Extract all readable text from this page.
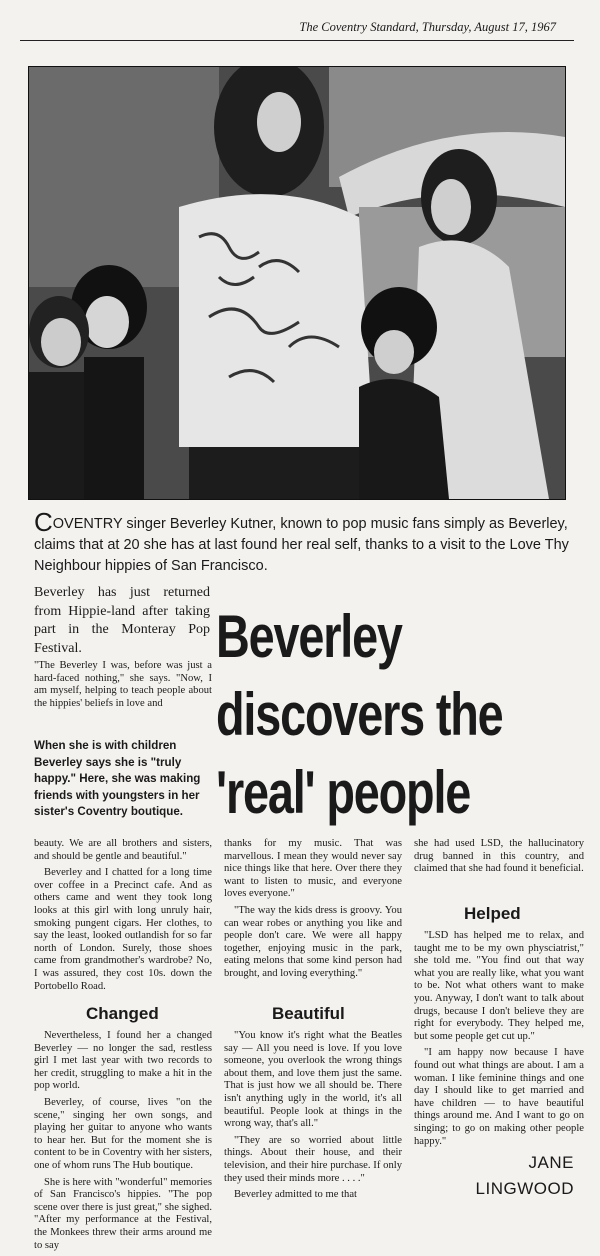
The Coventry Standard, Thursday, August 17, 1967
COVENTRY singer Beverley Kutner, known to pop music fans simply as Beverley, claims that at 20 she has at last found her real self, thanks to a visit to the Love Thy Neighbour hippies of San Francisco.
Beverley has just returned from Hippie-land after taking part in the Monteray Pop Festival.
"The Beverley I was, before was just a hard-faced nothing," she says. "Now, I am myself, helping to teach people about the hippies' beliefs in love and
When she is with children Beverley says she is "truly happy." Here, she was making friends with youngsters in her sister's Coventry boutique.
Beverley
discovers the
'real' people

beauty. We are all brothers and sisters, and should be gentle and beautiful."

Beverley and I chatted for a long time over coffee in a Precinct cafe. And as others came and went they took long looks at this girl with long unruly hair, smoking pungent cigars. Her clothes, to say the least, looked outlandish for so far north of London. Surely, those shoes came from grandmother's wardrobe? No, I was assured, they cost 10s. down the Portobello Road.

Changed

Nevertheless, I found her a changed Beverley — no longer the sad, restless girl I met last year with two records to her credit, struggling to make a hit in the pop world.

Beverley, of course, lives "on the scene," singing her own songs, and playing her guitar to anyone who wants to hear her. But for the moment she is content to be in Coventry with her sisters, one of whom runs The Hub boutique.

She is here with "wonderful" memories of San Francisco's hippies. "The pop scene over there is just great," she sighed. "After my performance at the Festival, the Monkees threw their arms around me to say

thanks for my music. That was marvellous. I mean they would never say nice things like that here. Over there they want to listen to music, and everyone loves everyone."

"The way the kids dress is groovy. You can wear robes or anything you like and people don't care. We were all happy together, enjoying music in the park, eating melons that some kind person had brought, and loving everything."

Beautiful

"You know it's right what the Beatles say — All you need is love. If you love someone, you overlook the wrong things about them, and love them just the same. That is just how we all should be. There isn't anything ugly in the world, it's all beautiful. People look at things in the wrong way, that's all."

"They are so worried about little things. About their house, and their television, and their hire purchase. If only they used their minds more . . . ."

Beverley admitted to me that

she had used LSD, the hallucinatory drug banned in this country, and claimed that she had found it beneficial.

Helped

"LSD has helped me to relax, and taught me to be my own physciatrist," she told me. "You find out that way what you are really like, what you want to be. Not what others want to make you. Anyway, I don't want to talk about drugs, because I don't believe they are right for everybody. They helped me, but some people get cut up."

"I am happy now because I have found out what things are about. I am a woman. I like feminine things and one day I should like to get married and have children — to have beautiful things around me. And I want to go on singing; to go on making other people happy."

JANE
LINGWOOD
